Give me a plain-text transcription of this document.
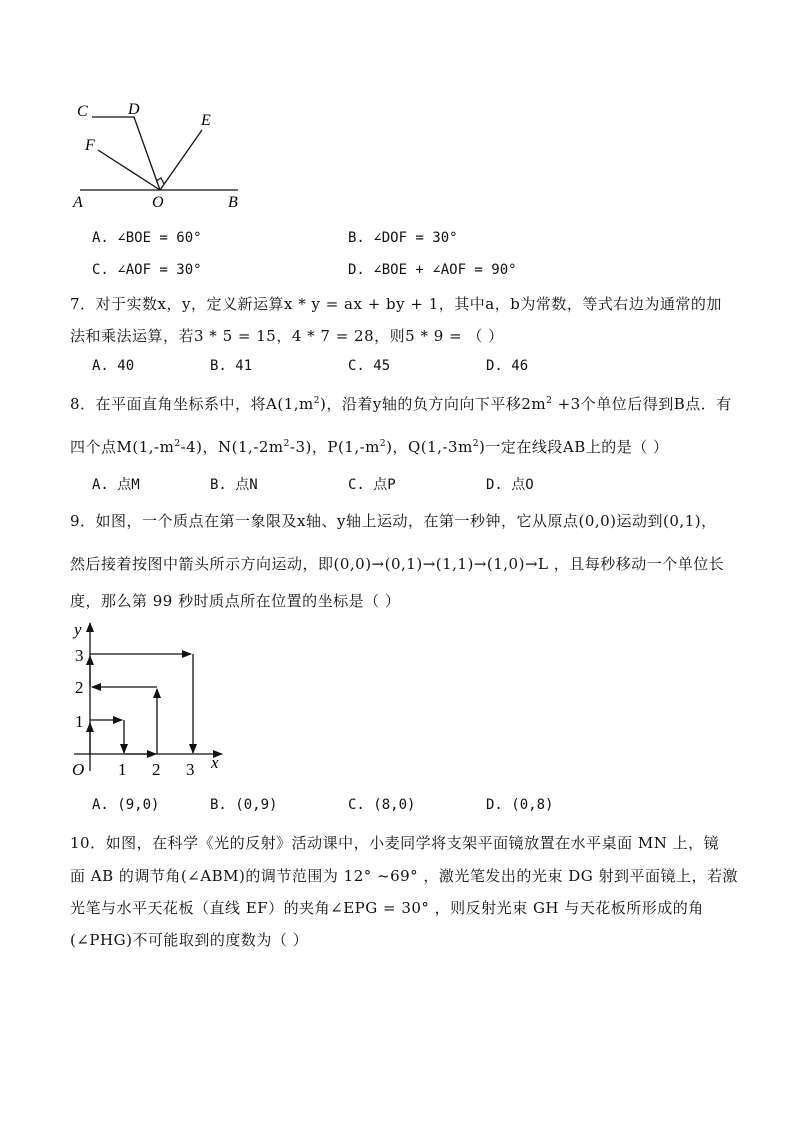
C	D
E
F
A	O	B
A. ∠BOE = 60°	B. ∠DOF = 30°
C. ∠AOF = 30°	D. ∠BOE + ∠AOF = 90°
7．对于实数x，y，定义新运算x * y = ax + by + 1，其中a，b为常数，等式右边为通常的加
法和乘法运算，若3 * 5 = 15，4 * 7 = 28，则5 * 9 = （ ）
A. 40	B. 41	C. 45	D. 46
8．在平面直角坐标系中，将$A(1,m^2)$，沿着y轴的负方向向下平移$2m^2 +3$个单位后得到B点．有
四个点$M(1,-m^2-4)$，$N(1,-2m^2-3)$，$P(1,-m^2)$，$Q(1,-3m^2)$一定在线段AB上的是（ ）
A. 点M	B. 点N	C. 点P	D. 点O
9．如图，一个质点在第一象限及x轴、y轴上运动，在第一秒钟，它从原点(0,0)运动到(0,1)，
然后接着按图中箭头所示方向运动，即(0,0)→(0,1)→(1,1)→(1,0)→L ，且每秒移动一个单位长
度，那么第 99 秒时质点所在位置的坐标是（ ）
y
x
O 1 2 3
1
2
3
A. (9,0)	B. (0,9)	C. (8,0)	D. (0,8)
10．如图，在科学《光的反射》活动课中，小麦同学将支架平面镜放置在水平桌面 MN 上，镜
面 AB 的调节角(∠ABM)的调节范围为 12° ~69° ，激光笔发出的光束 DG 射到平面镜上，若激
光笔与水平天花板（直线 EF）的夹角∠EPG = 30° ，则反射光束 GH 与天花板所形成的角
(∠PHG)不可能取到的度数为（ ）
